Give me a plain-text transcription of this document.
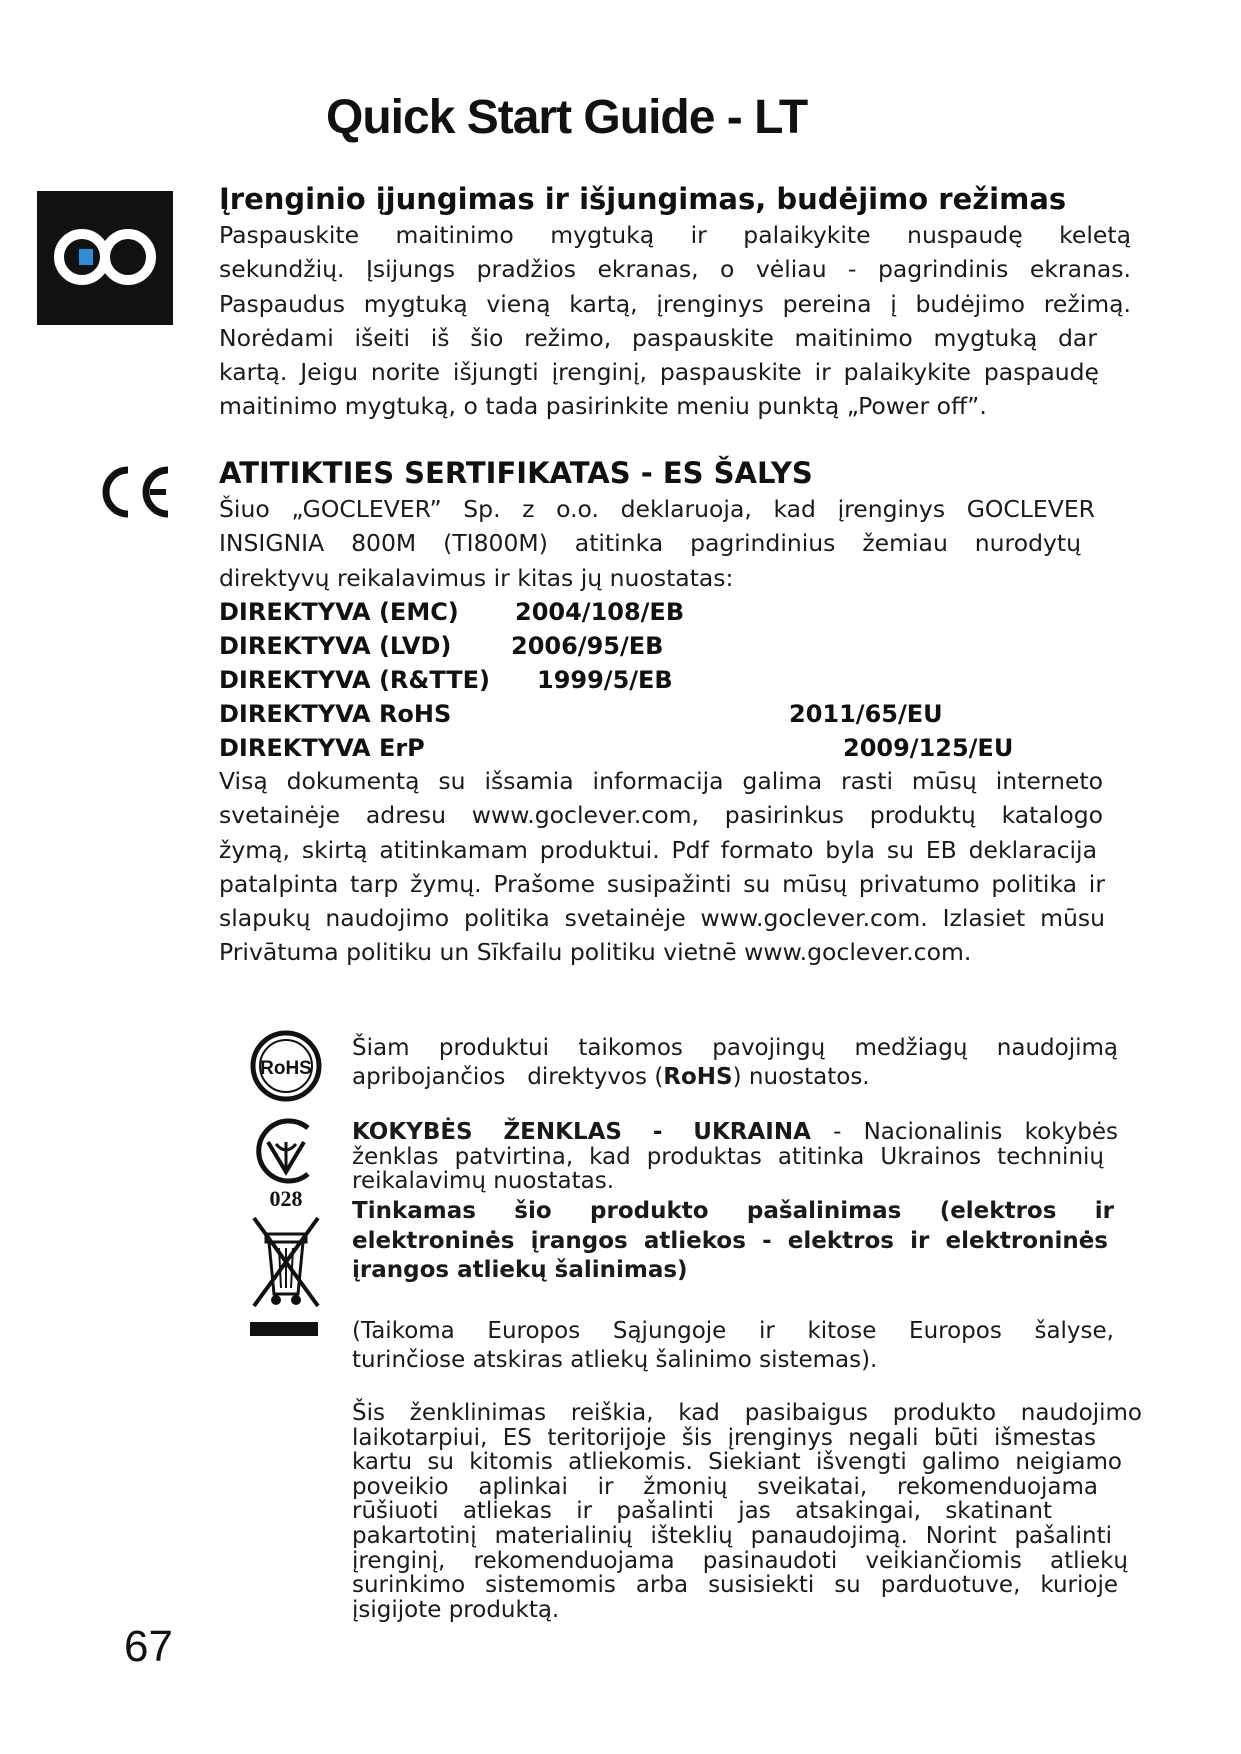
Quick Start Guide - LT
Įrenginio įjungimas ir išjungimas, budėjimo režimas
Paspauskite maitinimo mygtuką ir palaikykite nuspaudę keletą
sekundžių. Įsijungs pradžios ekranas, o vėliau - pagrindinis ekranas.
Paspaudus mygtuką vieną kartą, įrenginys pereina į budėjimo režimą.
Norėdami išeiti iš šio režimo, paspauskite maitinimo mygtuką dar
kartą. Jeigu norite išjungti įrenginį, paspauskite ir palaikykite paspaudę
maitinimo mygtuką, o tada pasirinkite meniu punktą „Power off”.
ATITIKTIES SERTIFIKATAS - ES ŠALYS
Šiuo „GOCLEVER” Sp. z o.o. deklaruoja, kad įrenginys GOCLEVER
INSIGNIA 800M (TI800M) atitinka pagrindinius žemiau nurodytų
direktyvų reikalavimus ir kitas jų nuostatas:
DIREKTYVA (EMC) 2004/108/EB
DIREKTYVA (LVD) 2006/95/EB
DIREKTYVA (R&TTE) 1999/5/EB
DIREKTYVA RoHS	2011/65/EU
DIREKTYVA ErP	2009/125/EU
Visą dokumentą su išsamia informacija galima rasti mūsų interneto
svetainėje adresu www.goclever.com, pasirinkus produktų katalogo
žymą, skirtą atitinkamam produktui. Pdf formato byla su EB deklaracija
patalpinta tarp žymų. Prašome susipažinti su mūsų privatumo politika ir
slapukų naudojimo politika svetainėje www.goclever.com. Izlasiet mūsu
Privātuma politiku un Sīkfailu politiku vietnē www.goclever.com.
RoHS
028
Šiam produktui taikomos pavojingų medžiagų naudojimą
apribojančios   direktyvos (RoHS) nuostatos.
KOKYBĖS ŽENKLAS - UKRAINA - Nacionalinis kokybės
ženklas patvirtina, kad produktas atitinka Ukrainos techninių
reikalavimų nuostatas.
Tinkamas šio produkto pašalinimas (elektros ir
elektroninės įrangos atliekos - elektros ir elektroninės
įrangos atliekų šalinimas)
(Taikoma Europos Sąjungoje ir kitose Europos šalyse,
turinčiose atskiras atliekų šalinimo sistemas).
Šis ženklinimas reiškia, kad pasibaigus produkto naudojimo
laikotarpiui, ES teritorijoje šis įrenginys negali būti išmestas
kartu su kitomis atliekomis. Siekiant išvengti galimo neigiamo
poveikio aplinkai ir žmonių sveikatai, rekomenduojama
rūšiuoti atliekas ir pašalinti jas atsakingai, skatinant
pakartotinį materialinių išteklių panaudojimą. Norint pašalinti
įrenginį, rekomenduojama pasinaudoti veikiančiomis atliekų
surinkimo sistemomis arba susisiekti su parduotuve, kurioje
įsigijote produktą.
67
